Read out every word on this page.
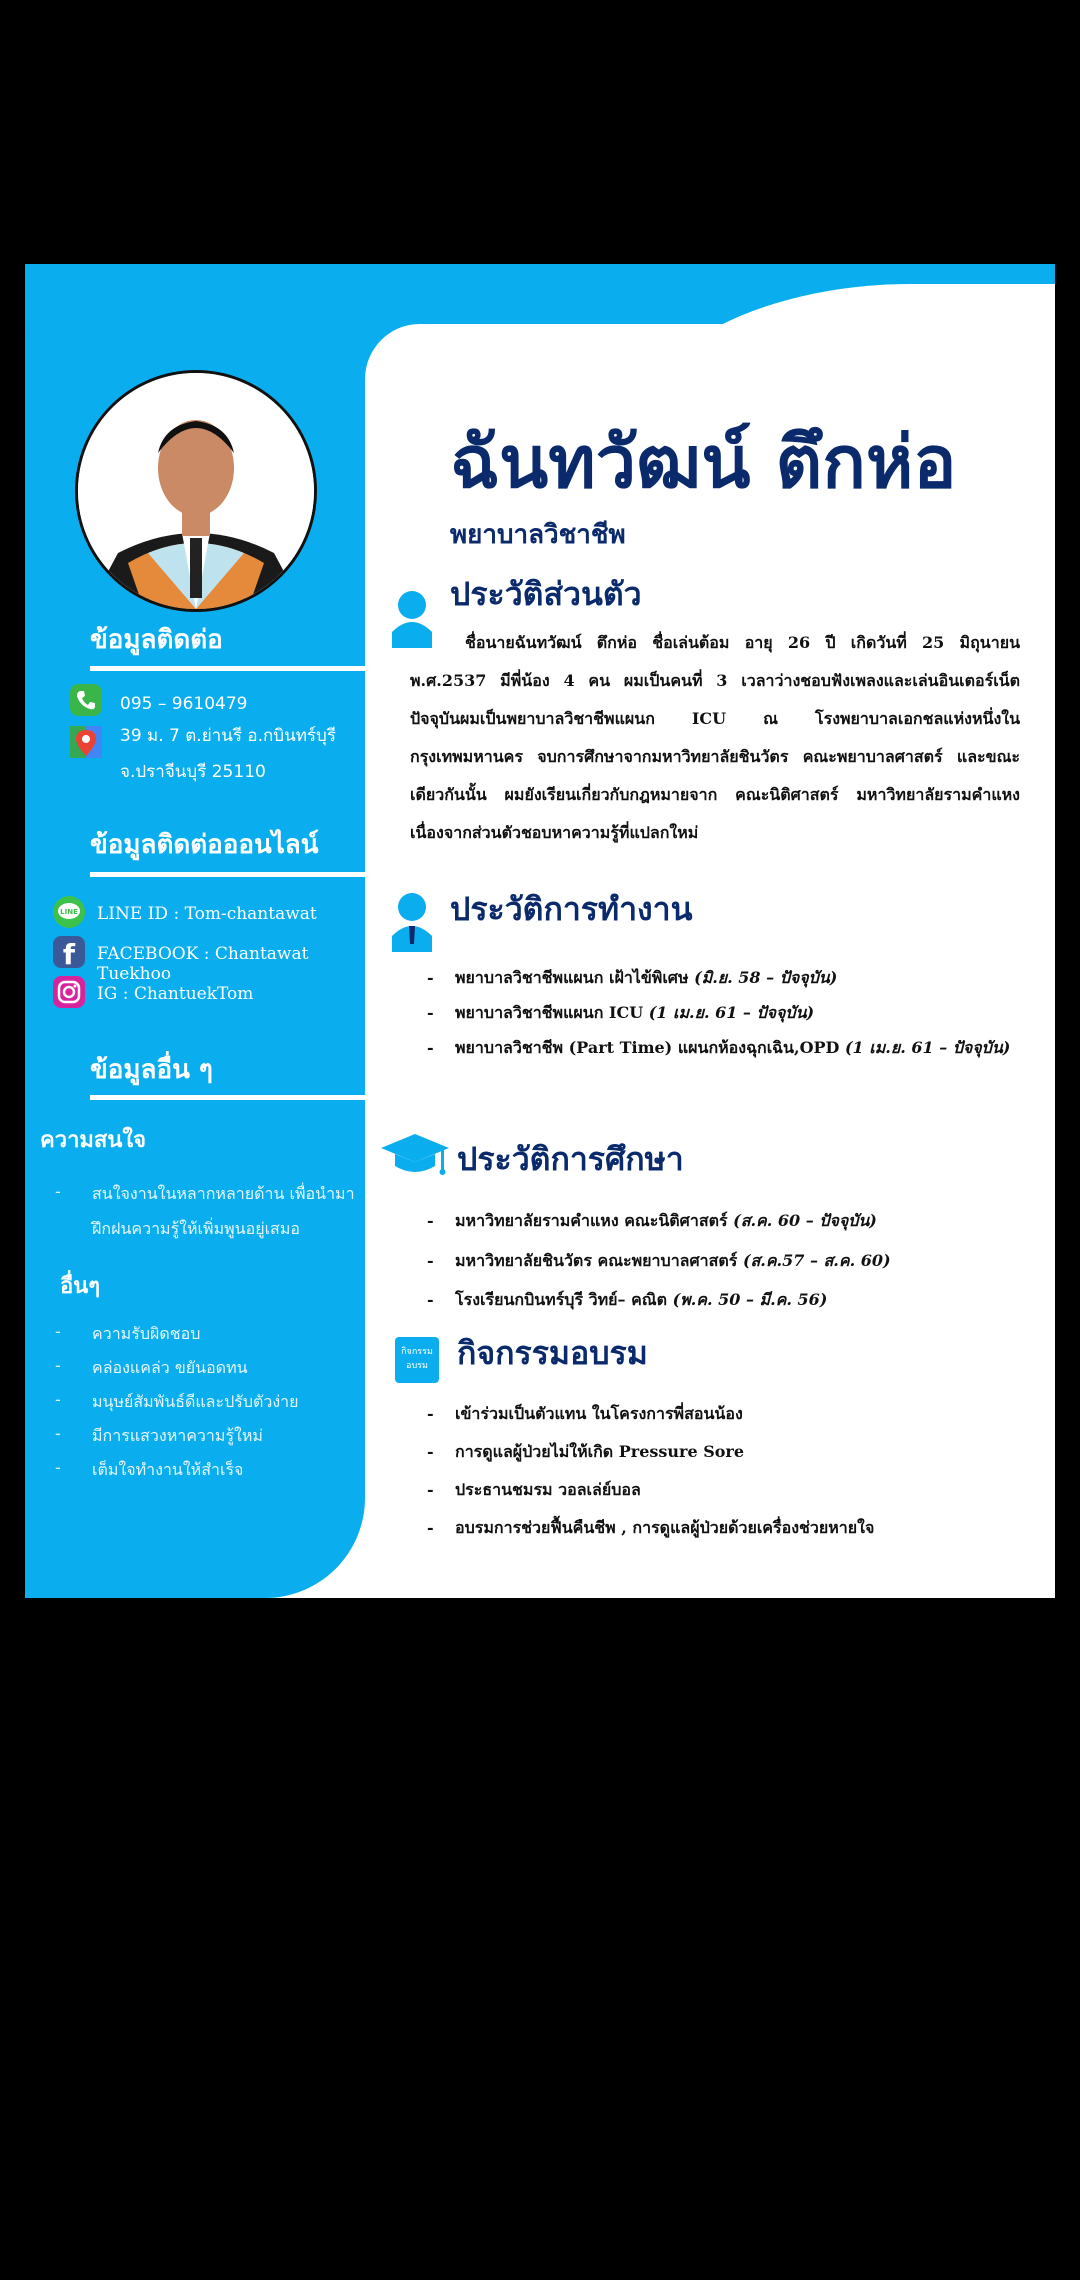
ข้อมูลติดต่อ
095 – 9610479
39 ม. 7 ต.ย่านรี อ.กบินทร์บุรี
จ.ปราจีนบุรี 25110
ข้อมูลติดต่อออนไลน์
LINE LINE ID : Tom-chantawat
f FACEBOOK : Chantawat Tuekhoo
IG : ChantuekTom
ข้อมูลอื่น ๆ
ความสนใจ
- สนใจงานในหลากหลายด้าน เพื่อนำมา
ฝึกฝนความรู้ให้เพิ่มพูนอยู่เสมอ
อื่นๆ
- ความรับผิดชอบ
- คล่องแคล่ว ขยันอดทน
- มนุษย์สัมพันธ์ดีและปรับตัวง่าย
- มีการแสวงหาความรู้ใหม่
- เต็มใจทำงานให้สำเร็จ
ฉันทวัฒน์ ตึกห่อ
พยาบาลวิชาชีพ
ประวัติส่วนตัว
ชื่อนายฉันทวัฒน์ ตึกห่อ ชื่อเล่นต้อม อายุ 26 ปี เกิดวันที่ 25 มิถุนายน พ.ศ.2537 มีพี่น้อง 4 คน ผมเป็นคนที่ 3 เวลาว่างชอบฟังเพลงและเล่นอินเตอร์เน็ต ปัจจุบันผมเป็นพยาบาลวิชาชีพแผนก ICU ณ โรงพยาบาลเอกชลแห่งหนึ่งในกรุงเทพมหานคร จบการศึกษาจากมหาวิทยาลัยชินวัตร คณะพยาบาลศาสตร์ และขณะเดียวกันนั้น ผมยังเรียนเกี่ยวกับกฎหมายจาก คณะนิติศาสตร์ มหาวิทยาลัยรามคำแหง เนื่องจากส่วนตัวชอบหาความรู้ที่แปลกใหม่
ประวัติการทำงาน
- พยาบาลวิชาชีพแผนก เฝ้าไข้พิเศษ (มิ.ย. 58 – ปัจจุบัน)
- พยาบาลวิชาชีพแผนก ICU (1 เม.ย. 61 – ปัจจุบัน)
- พยาบาลวิชาชีพ (Part Time) แผนกห้องฉุกเฉิน,OPD (1 เม.ย. 61 – ปัจจุบัน)
ประวัติการศึกษา
- มหาวิทยาลัยรามคำแหง คณะนิติศาสตร์ (ส.ค. 60 – ปัจจุบัน)
- มหาวิทยาลัยชินวัตร คณะพยาบาลศาสตร์ (ส.ค.57 – ส.ค. 60)
- โรงเรียนกบินทร์บุรี วิทย์– คณิต (พ.ค. 50 – มี.ค. 56)
กิจกรรม อบรม กิจกรรมอบรม
- เข้าร่วมเป็นตัวแทน ในโครงการพี่สอนน้อง
- การดูแลผู้ป่วยไม่ให้เกิด Pressure Sore
- ประธานชมรม วอลเล่ย์บอล
- อบรมการช่วยฟื้นคืนชีพ , การดูแลผู้ป่วยด้วยเครื่องช่วยหายใจ
